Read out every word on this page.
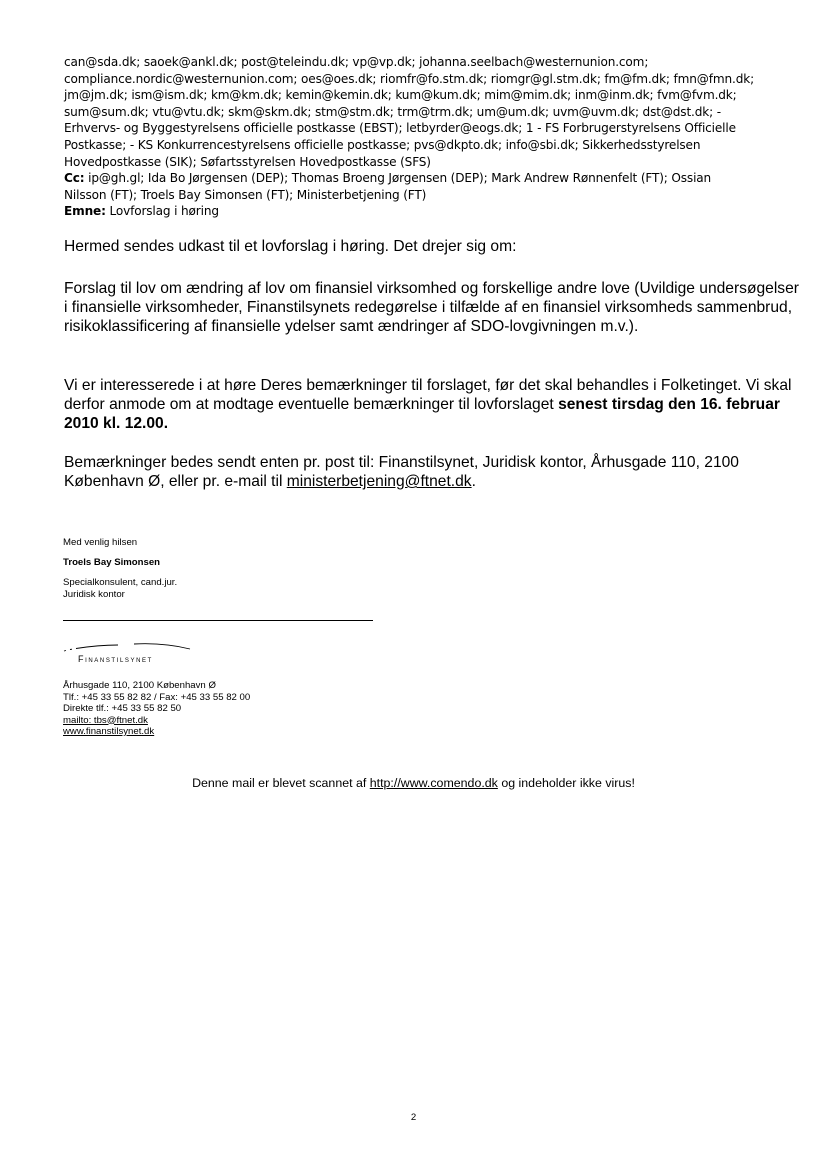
can@sda.dk; saoek@ankl.dk; post@teleindu.dk; vp@vp.dk; johanna.seelbach@westernunion.com;
compliance.nordic@westernunion.com; oes@oes.dk; riomfr@fo.stm.dk; riomgr@gl.stm.dk; fm@fm.dk; fmn@fmn.dk;
jm@jm.dk; ism@ism.dk; km@km.dk; kemin@kemin.dk; kum@kum.dk; mim@mim.dk; inm@inm.dk; fvm@fvm.dk;
sum@sum.dk; vtu@vtu.dk; skm@skm.dk; stm@stm.dk; trm@trm.dk; um@um.dk; uvm@uvm.dk; dst@dst.dk; -
Erhvervs- og Byggestyrelsens officielle postkasse (EBST); letbyrder@eogs.dk; 1 - FS Forbrugerstyrelsens Officielle
Postkasse; - KS Konkurrencestyrelsens officielle postkasse; pvs@dkpto.dk; info@sbi.dk; Sikkerhedsstyrelsen
Hovedpostkasse (SIK); Søfartsstyrelsen Hovedpostkasse (SFS)
Cc: ip@gh.gl; Ida Bo Jørgensen (DEP); Thomas Broeng Jørgensen (DEP); Mark Andrew Rønnenfelt (FT); Ossian
Nilsson (FT); Troels Bay Simonsen (FT); Ministerbetjening (FT)
Emne: Lovforslag i høring
Hermed sendes udkast til et lovforslag i høring. Det drejer sig om:
Forslag til lov om ændring af lov om finansiel virksomhed og forskellige andre love (Uvildige undersøgelser i finansielle virksomheder, Finanstilsynets redegørelse i tilfælde af en finansiel virksomheds sammenbrud, risikoklassificering af finansielle ydelser samt ændringer af SDO-lovgivningen m.v.).
Vi er interesserede i at høre Deres bemærkninger til forslaget, før det skal behandles i Folketinget. Vi skal derfor anmode om at modtage eventuelle bemærkninger til lovforslaget senest tirsdag den 16. februar 2010 kl. 12.00.
Bemærkninger bedes sendt enten pr. post til: Finanstilsynet, Juridisk kontor, Århusgade 110, 2100 København Ø, eller pr. e-mail til ministerbetjening@ftnet.dk.
Med venlig hilsen
Troels Bay Simonsen
Specialkonsulent, cand.jur.
Juridisk kontor
Finanstilsynet
Århusgade 110, 2100 København Ø
Tlf.: +45 33 55 82 82 / Fax: +45 33 55 82 00
Direkte tlf.: +45 33 55 82 50
mailto: tbs@ftnet.dk
www.finanstilsynet.dk
Denne mail er blevet scannet af http://www.comendo.dk og indeholder ikke virus!
2
